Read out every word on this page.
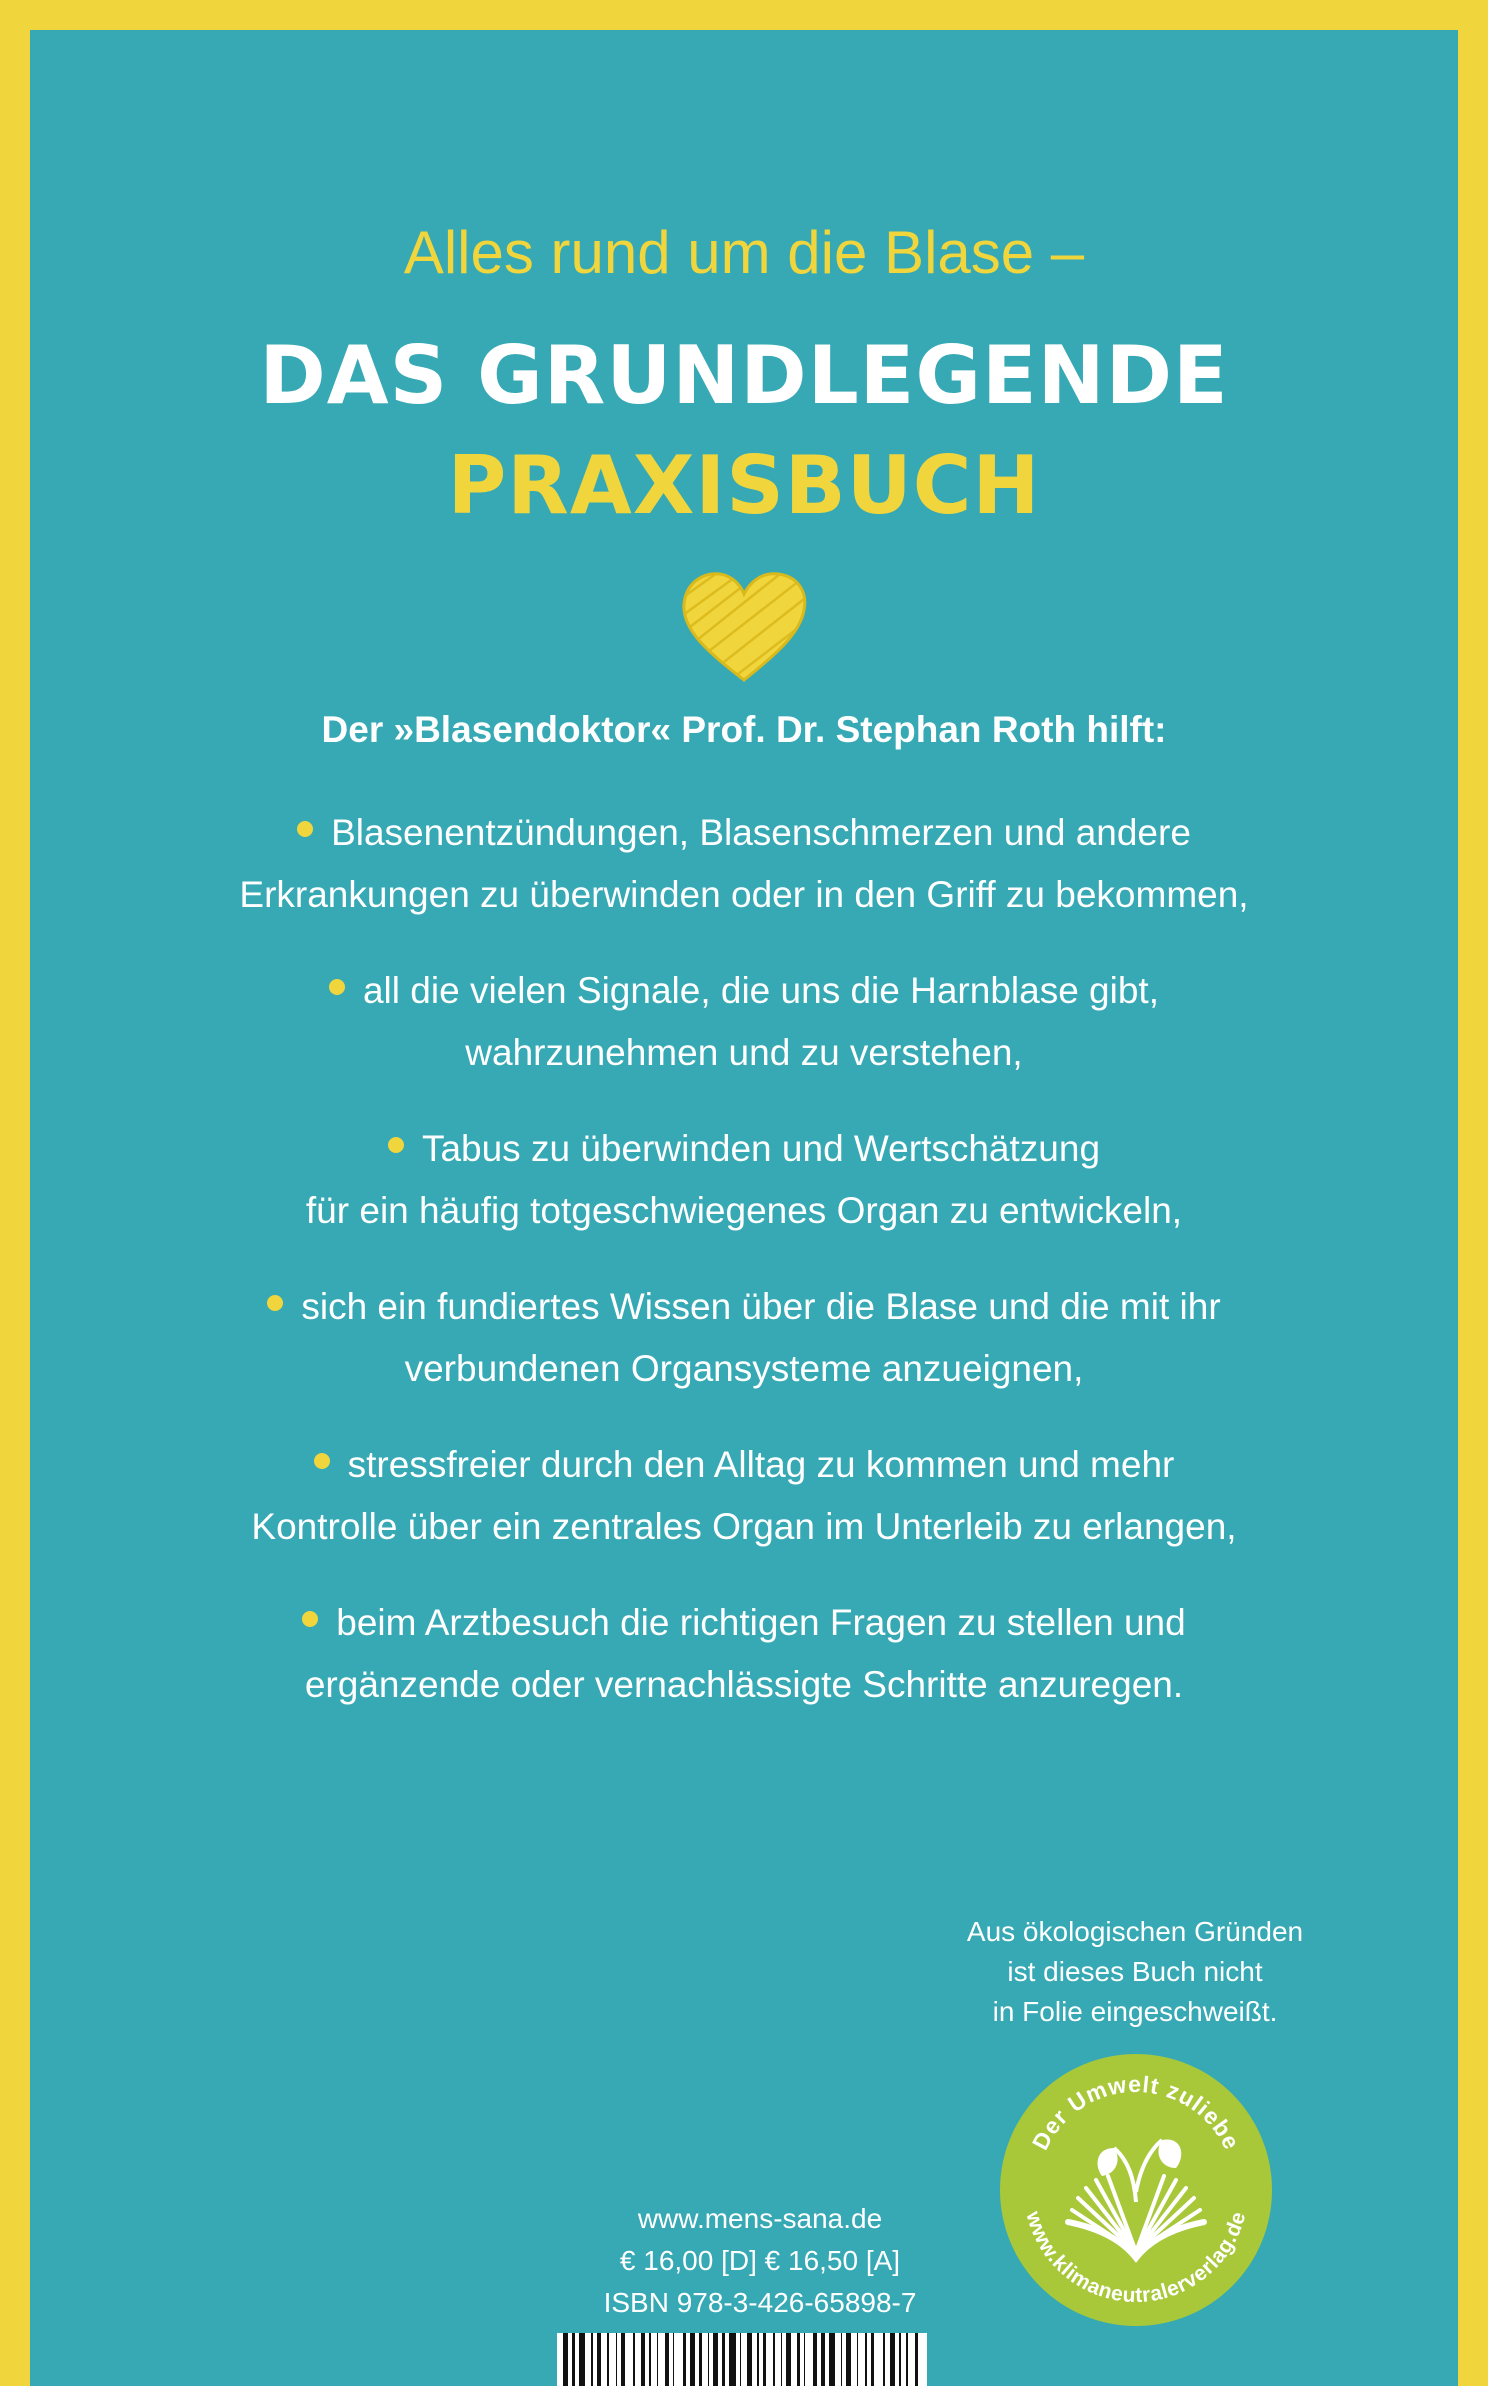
Alles rund um die Blase –

DAS GRUNDLEGENDE

PRAXISBUCH

Der »Blasendoktor« Prof. Dr. Stephan Roth hilft:

Blasenentzündungen, Blasenschmerzen und andere
Erkrankungen zu überwinden oder in den Griff zu bekommen,
all die vielen Signale, die uns die Harnblase gibt,
wahrzunehmen und zu verstehen,
Tabus zu überwinden und Wertschätzung
für ein häufig totgeschwiegenes Organ zu entwickeln,
sich ein fundiertes Wissen über die Blase und die mit ihr
verbundenen Organsysteme anzueignen,
stressfreier durch den Alltag zu kommen und mehr
Kontrolle über ein zentrales Organ im Unterleib zu erlangen,
beim Arztbesuch die richtigen Fragen zu stellen und
ergänzende oder vernachlässigte Schritte anzuregen.

Aus ökologischen Gründen
ist dieses Buch nicht
in Folie eingeschweißt.

Der Umwelt zuliebe
www.klimaneutralerverlag.de

www.mens-sana.de
€ 16,00 [D] € 16,50 [A]
ISBN 978-3-426-65898-7
